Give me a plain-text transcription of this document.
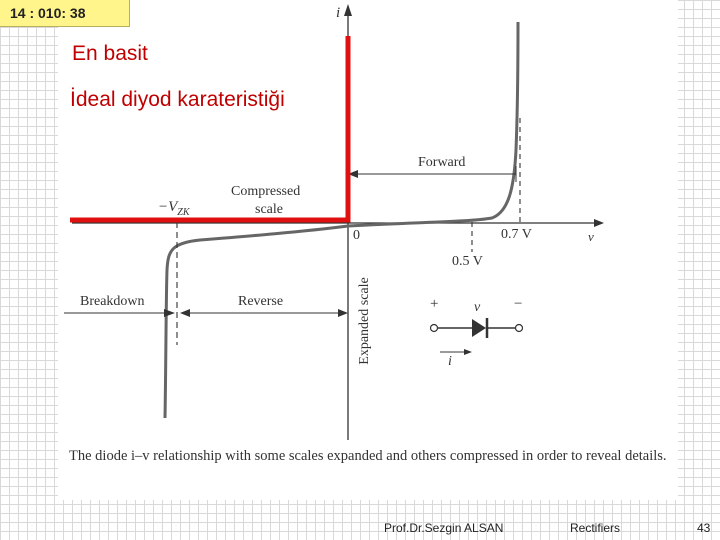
14 : 010: 38
En basit
İdeal diyod karateristiği
i
v
0
Forward
Compressed
scale
$-V_{ZK}$
0.7 V
0.5 V
Breakdown	Reverse	Expanded scale	+	−
v
i
The diode i–v relationship with some scales expanded and others compressed in order to reveal details.
Prof.Dr.Sezgin ALSAN	Rectifiers	43
